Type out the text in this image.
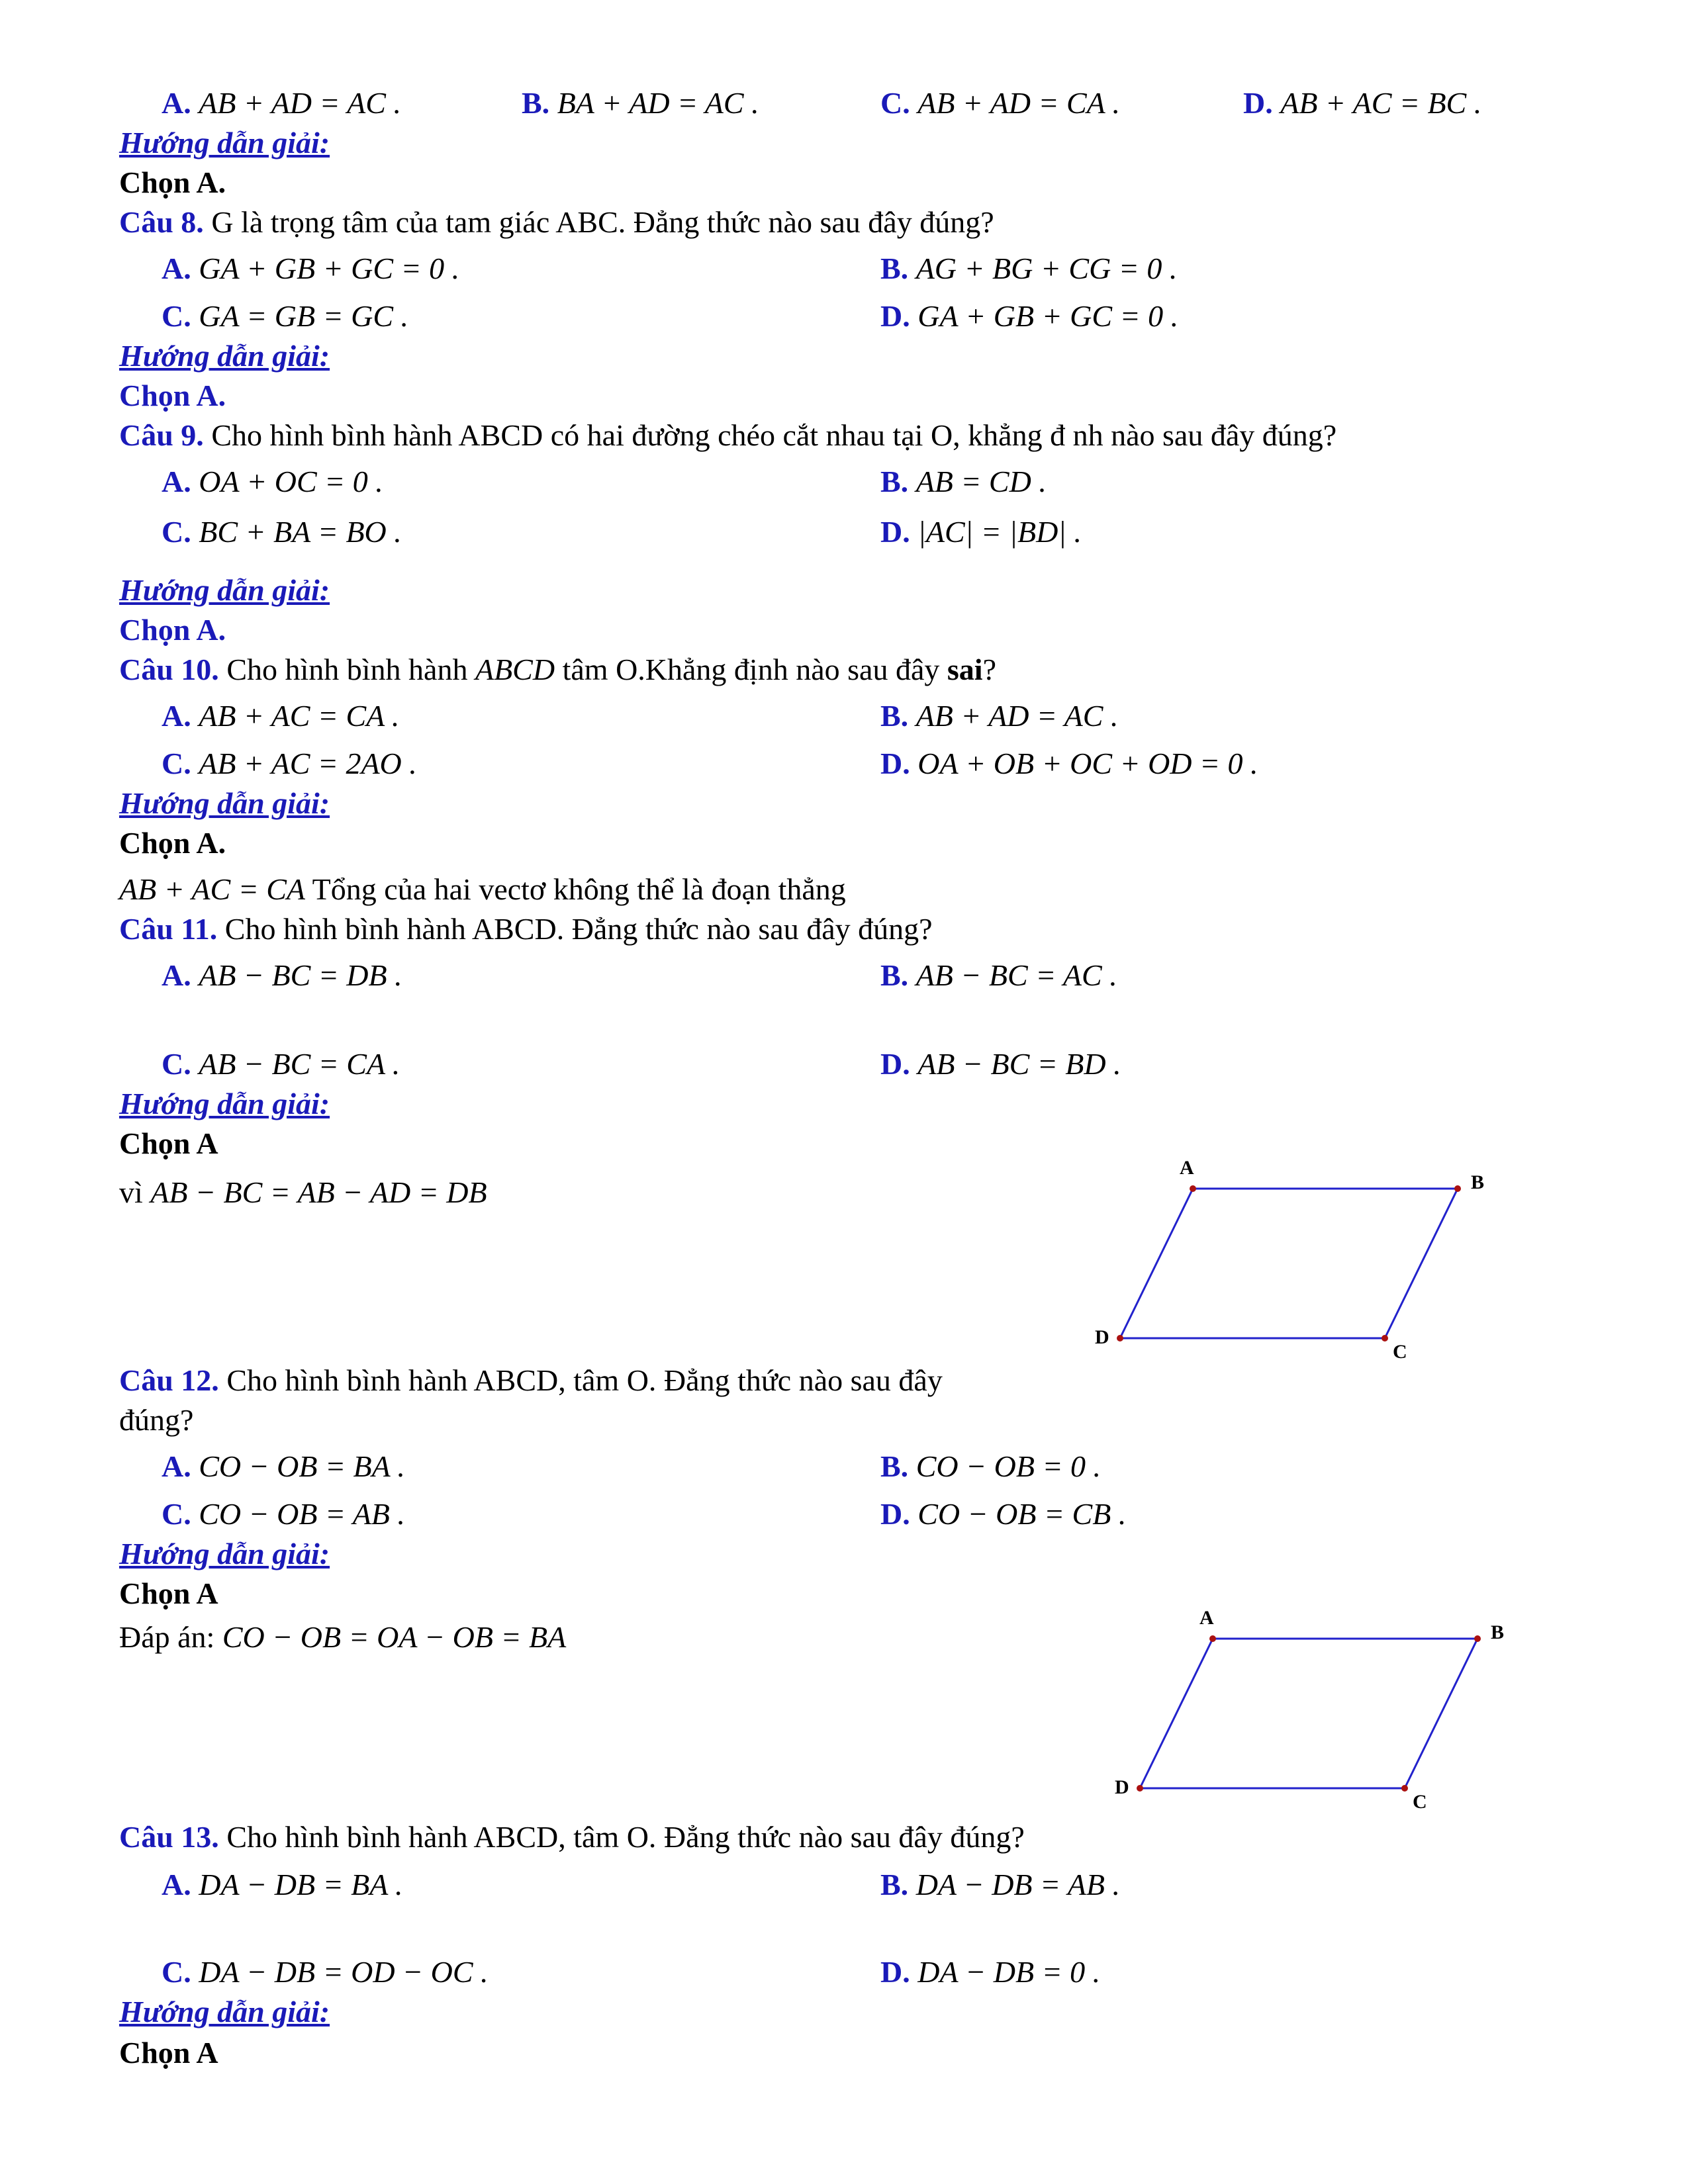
A. AB + AD = AC .	B. BA + AD = AC .	C. AB + AD = CA .	D. AB + AC = BC .
Hướng dẫn giải:
Chọn A.
Câu 8. G là trọng tâm của tam giác ABC. Đẳng thức nào sau đây đúng?
A. GA + GB + GC = 0 .	B. AG + BG + CG = 0 .
C. GA = GB = GC .	D. GA + GB + GC = 0 .
Hướng dẫn giải:
Chọn A.
Câu 9. Cho hình bình hành ABCD có hai đường chéo cắt nhau tại O, khẳng đ nh nào sau đây đúng?
A. OA + OC = 0 .	B. AB = CD .
C. BC + BA = BO .	D. |AC| = |BD| .
Hướng dẫn giải:
Chọn A.
Câu 10. Cho hình bình hành ABCD tâm O.Khẳng định nào sau đây sai?
A. AB + AC = CA .	B. AB + AD = AC .
C. AB + AC = 2AO .	D. OA + OB + OC + OD = 0 .
Hướng dẫn giải:
Chọn A.
AB + AC = CA Tổng của hai vectơ không thể là đoạn thẳng
Câu 11. Cho hình bình hành ABCD. Đẳng thức nào sau đây đúng?
A. AB − BC = DB .	B. AB − BC = AC .
C. AB − BC = CA .	D. AB − BC = BD .
Hướng dẫn giải:
Chọn A
vì AB − BC = AB − AD = DB
A
B
C
D
Câu 12. Cho hình bình hành ABCD, tâm O. Đẳng thức nào sau đây
đúng?
A. CO − OB = BA .	B. CO − OB = 0 .
C. CO − OB = AB .	D. CO − OB = CB .
Hướng dẫn giải:
Chọn A
Đáp án: CO − OB = OA − OB = BA
A
B
C
D
Câu 13. Cho hình bình hành ABCD, tâm O. Đẳng thức nào sau đây đúng?
A. DA − DB = BA .	B. DA − DB = AB .
C. DA − DB = OD − OC .	D. DA − DB = 0 .
Hướng dẫn giải:
Chọn A
